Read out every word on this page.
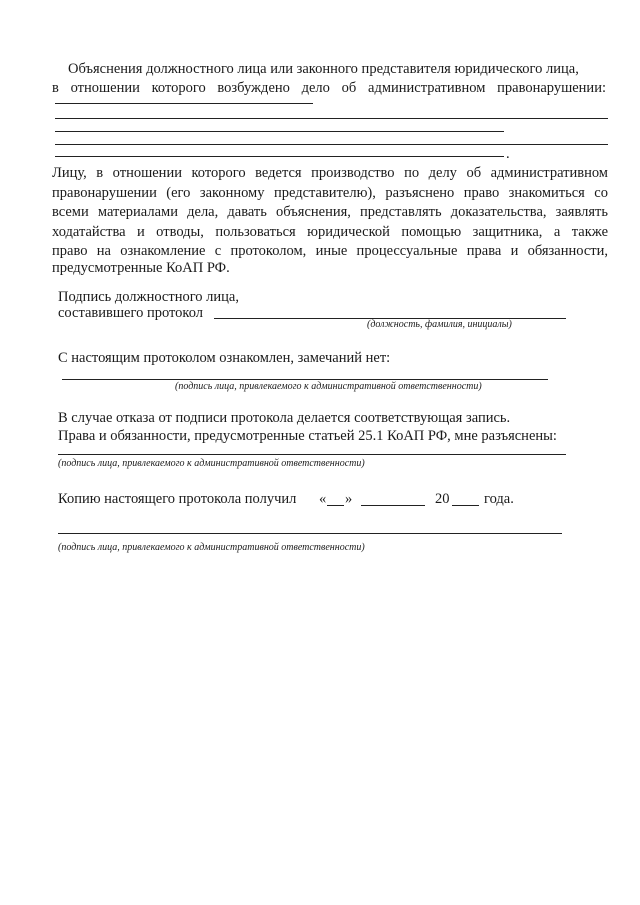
Объяснения должностного лица или законного представителя юридического лица,
в отношении которого возбуждено дело об административном правонарушении:
.
Лицу, в отношении которого ведется производство по делу об административном
правонарушении (его законному представителю), разъяснено право знакомиться со
всеми материалами дела, давать объяснения, представлять доказательства, заявлять
ходатайства и отводы, пользоваться юридической помощью защитника, а также
право на ознакомление с протоколом, иные процессуальные права и обязанности,
предусмотренные КоАП РФ.
Подпись должностного лица,
составившего протокол
(должность, фамилия, инициалы)
С настоящим протоколом ознакомлен, замечаний нет:
(подпись лица, привлекаемого к административной ответственности)
В случае отказа от подписи протокола делается соответствующая запись.
Права и обязанности, предусмотренные статьей 25.1 КоАП РФ, мне разъяснены:
(подпись лица, привлекаемого к административной ответственности)
Копию настоящего протокола получил « »	20 года.
(подпись лица, привлекаемого к административной ответственности)
